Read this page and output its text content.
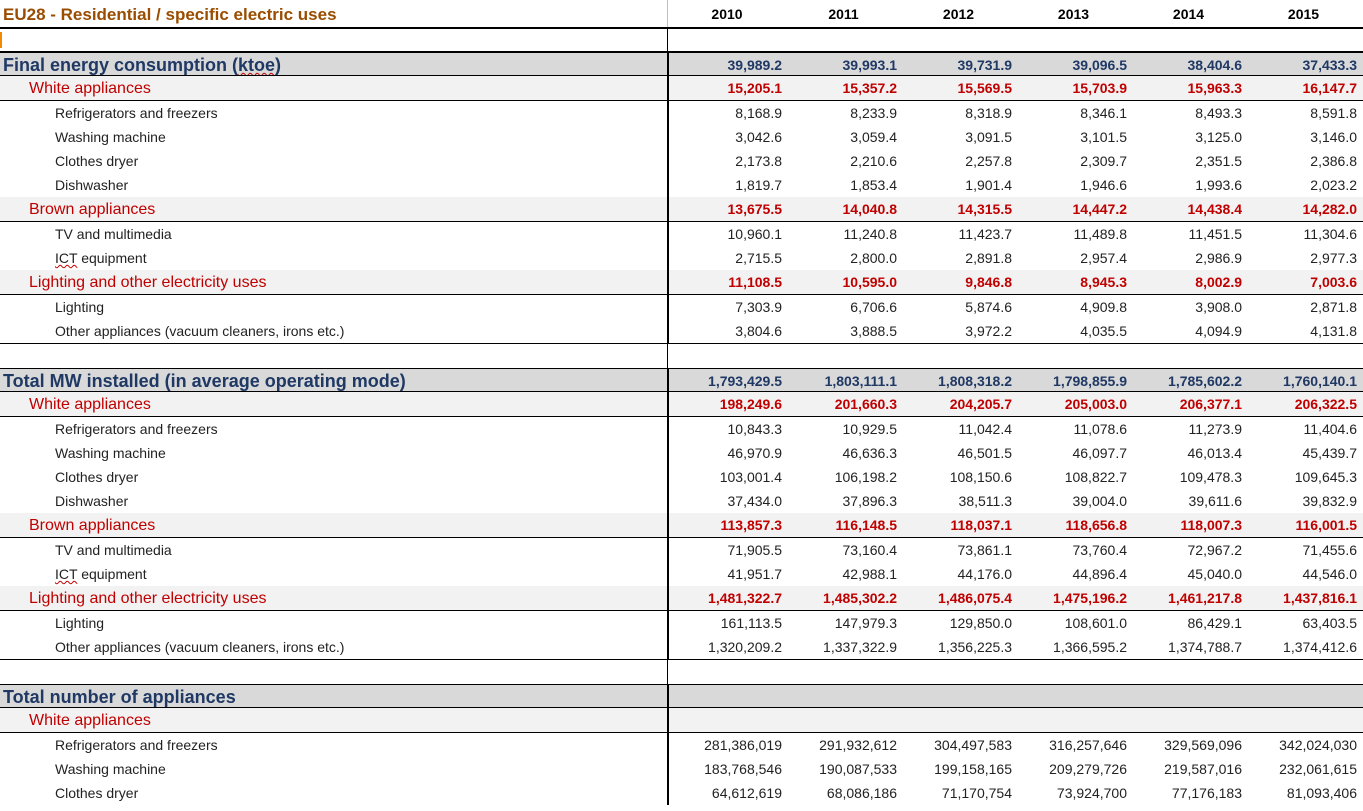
EU28 - Residential / specific electric uses	2010	2011	2012	2013	2014	2015
Final energy consumption (ktoe)	39,989.2	39,993.1	39,731.9	39,096.5	38,404.6	37,433.3
White appliances	15,205.1	15,357.2	15,569.5	15,703.9	15,963.3	16,147.7
Refrigerators and freezers	8,168.9	8,233.9	8,318.9	8,346.1	8,493.3	8,591.8
Washing machine	3,042.6	3,059.4	3,091.5	3,101.5	3,125.0	3,146.0
Clothes dryer	2,173.8	2,210.6	2,257.8	2,309.7	2,351.5	2,386.8
Dishwasher	1,819.7	1,853.4	1,901.4	1,946.6	1,993.6	2,023.2
Brown appliances	13,675.5	14,040.8	14,315.5	14,447.2	14,438.4	14,282.0
TV and multimedia	10,960.1	11,240.8	11,423.7	11,489.8	11,451.5	11,304.6
ICT equipment	2,715.5	2,800.0	2,891.8	2,957.4	2,986.9	2,977.3
Lighting and other electricity uses	11,108.5	10,595.0	9,846.8	8,945.3	8,002.9	7,003.6
Lighting	7,303.9	6,706.6	5,874.6	4,909.8	3,908.0	2,871.8
Other appliances (vacuum cleaners, irons etc.)	3,804.6	3,888.5	3,972.2	4,035.5	4,094.9	4,131.8
Total MW installed (in average operating mode)	1,793,429.5	1,803,111.1	1,808,318.2	1,798,855.9	1,785,602.2	1,760,140.1
White appliances	198,249.6	201,660.3	204,205.7	205,003.0	206,377.1	206,322.5
Refrigerators and freezers	10,843.3	10,929.5	11,042.4	11,078.6	11,273.9	11,404.6
Washing machine	46,970.9	46,636.3	46,501.5	46,097.7	46,013.4	45,439.7
Clothes dryer	103,001.4	106,198.2	108,150.6	108,822.7	109,478.3	109,645.3
Dishwasher	37,434.0	37,896.3	38,511.3	39,004.0	39,611.6	39,832.9
Brown appliances	113,857.3	116,148.5	118,037.1	118,656.8	118,007.3	116,001.5
TV and multimedia	71,905.5	73,160.4	73,861.1	73,760.4	72,967.2	71,455.6
ICT equipment	41,951.7	42,988.1	44,176.0	44,896.4	45,040.0	44,546.0
Lighting and other electricity uses	1,481,322.7	1,485,302.2	1,486,075.4	1,475,196.2	1,461,217.8	1,437,816.1
Lighting	161,113.5	147,979.3	129,850.0	108,601.0	86,429.1	63,403.5
Other appliances (vacuum cleaners, irons etc.)	1,320,209.2	1,337,322.9	1,356,225.3	1,366,595.2	1,374,788.7	1,374,412.6
Total number of appliances
White appliances
Refrigerators and freezers	281,386,019	291,932,612	304,497,583	316,257,646	329,569,096	342,024,030
Washing machine	183,768,546	190,087,533	199,158,165	209,279,726	219,587,016	232,061,615
Clothes dryer	64,612,619	68,086,186	71,170,754	73,924,700	77,176,183	81,093,406
